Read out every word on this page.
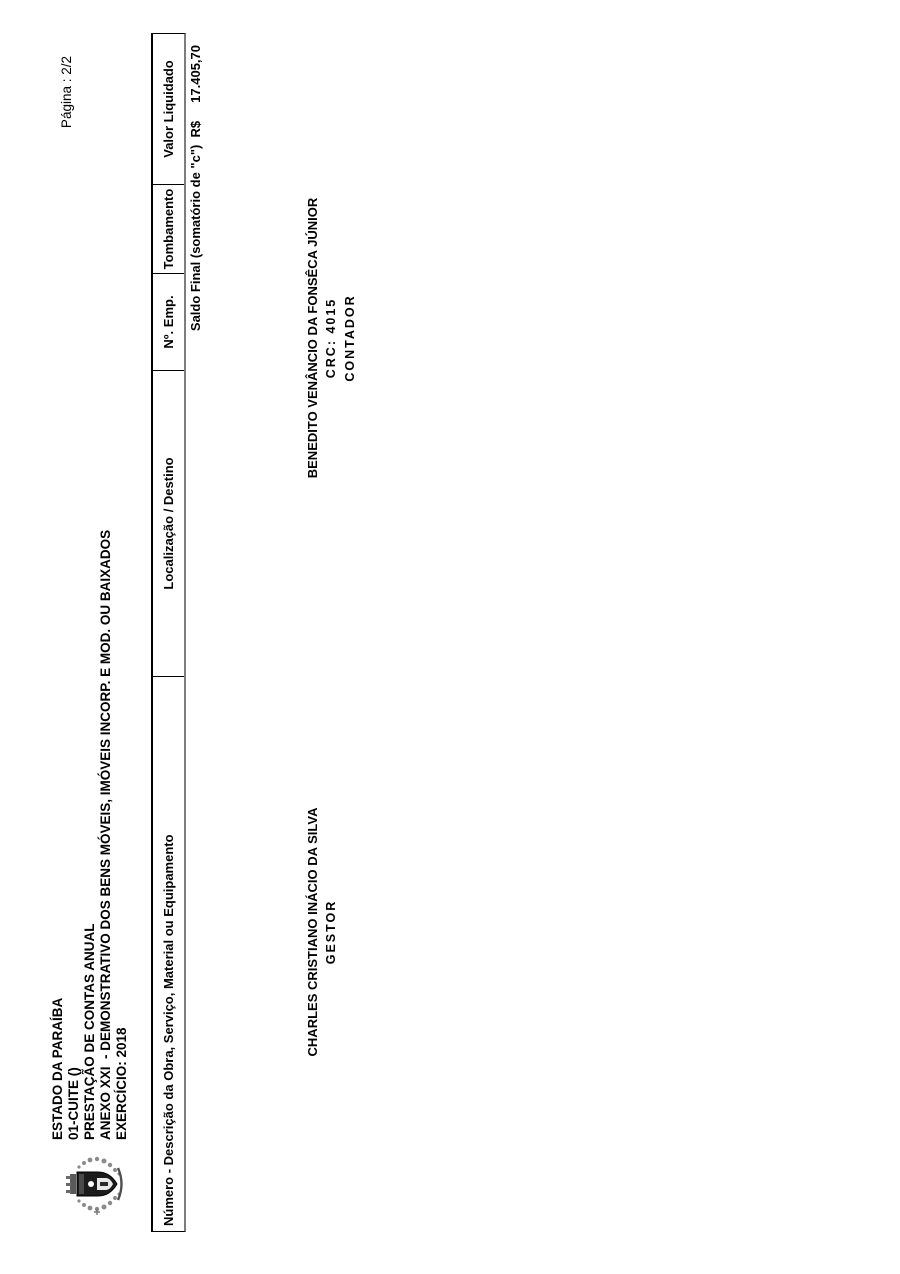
ESTADO DA PARAÍBA 01-CUITE () PRESTAÇÃO DE CONTAS ANUAL ANEXO XXI  - DEMONSTRATIVO DOS BENS MÓVEIS, IMÓVEIS INCORP. E MOD. OU BAIXADOS EXERCÍCIO: 2018
Página : 2/2
Número - Descrição da Obra, Serviço, Material ou Equipamento
Localização / Destino
Nº. Emp.
Tombamento
Valor Liquidado
Saldo Final (somatório de "c")  R$
17.405,70
CHARLES CRISTIANO INÁCIO DA SILVA GESTOR
BENEDITO VENÂNCIO DA FONSÊCA JÚNIOR CRC: 4015 CONTADOR
